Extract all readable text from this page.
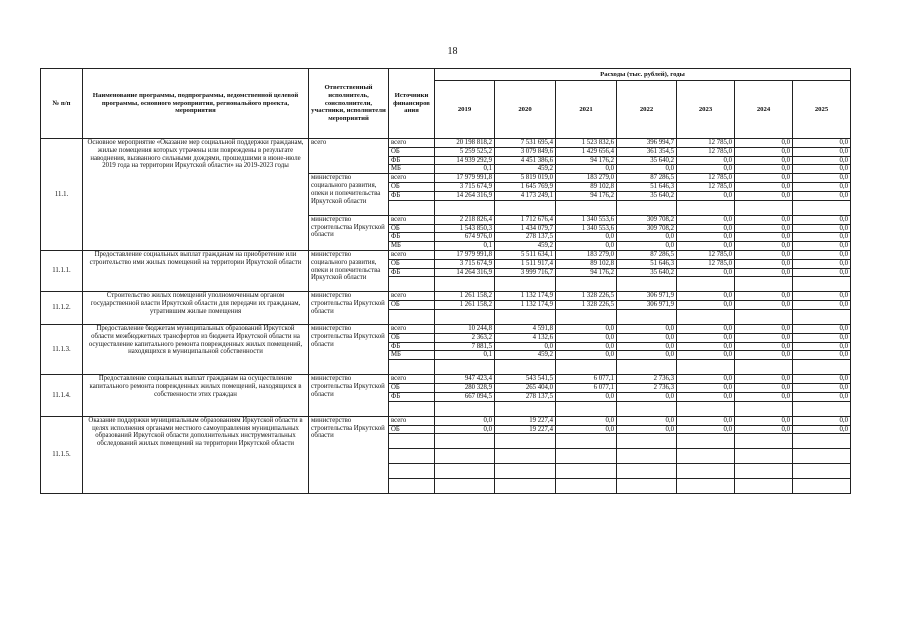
18
№ п/п	Наименование программы, подпрограммы, ведомственной целевой программы, основного мероприятия, региональйого проекта, мероприятия	Ответственный исполнитель, соисполнители, участники, исполнители мероприятий	Источники финансиров ания	Расходы (тыс. рублей), годы						
				2019	2020	2021	2022	2023	2024	2025
11.1.	Основное мероприятие «Оказание мер социальной поддержки гражданам, жилые помещения которых утрачены или повреждены в результате наводнения, вызванного сильными дождями, прошедшими в июне-июле 2019 года на территории Иркутской области» на 2019-2023 годы	всего	всего	20 198 818,2	7 531 695,4	1 523 832,6	396 994,7	12 785,0	0,0	0,0
			ОБ	5 259 525,2	3 079 849,6	1 429 656,4	361 354,5	12 785,0	0,0	0,0
			ФБ	14 939 292,9	4 451 386,6	94 176,2	35 640,2	0,0	0,0	0,0
			МБ	0,1	459,2	0,0	0,0	0,0	0,0	0,0
		министерство социального развития, опеки и попечительства Иркутской области	всего	17 979 991,8	5 819 019,0	183 279,0	87 286,5	12 785,0	0,0	0,0
			ОБ	3 715 674,9	1 645 769,9	89 102,8	51 646,3	12 785,0	0,0	0,0
			ФБ	14 264 316,9	4 173 249,1	94 176,2	35 640,2	0,0	0,0	0,0

		министерство строительства Иркутской области	всего	2 218 826,4	1 712 676,4	1 340 553,6	309 708,2	0,0	0,0	0,0
			ОБ	1 543 850,3	1 434 079,7	1 340 553,6	309 708,2	0,0	0,0	0,0
			ФБ	674 976,0	278 137,5	0,0	0,0	0,0	0,0	0,0
			МБ	0,1	459,2	0,0	0,0	0,0	0,0	0,0
11.1.1.	Предоставление социальных выплат гражданам на приобретение или строительство ими жилых помещений на территории Иркутской области	министерство социального развития, опеки и попечительства Иркутской области	всего	17 979 991,8	5 511 634,1	183 279,0	87 286,5	12 785,0	0,0	0,0
			ОБ	3 715 674,9	1 511 917,4	89 102,8	51 646,3	12 785,0	0,0	0,0
			ФБ	14 264 316,9	3 999 716,7	94 176,2	35 640,2	0,0	0,0	0,0

11.1.2.	Строительство жилых помещений уполномоченным органом государственной власти Иркутской области для передачи их гражданам, утратившим жилые помещения	министерство строительства Иркутской области	всего	1 261 158,2	1 132 174,9	1 328 226,5	306 971,9	0,0	0,0	0,0
			ОБ	1 261 158,2	1 132 174,9	1 328 226,5	306 971,9	0,0	0,0	0,0

11.1.3.	Предоставление бюджетам муниципальных образований Иркутской области межбюджетных трансфертов из бюджета Иркутской области на осуществление капитального ремонта поврежденных жилых помещений, находящихся в муниципальной собственности	министерство строительства Иркутской области	всего	10 244,8	4 591,8	0,0	0,0	0,0	0,0	0,0
			ОБ	2 363,2	4 132,6	0,0	0,0	0,0	0,0	0,0
			ФБ	7 881,5	0,0	0,0	0,0	0,0	0,0	0,0
			МБ	0,1	459,2	0,0	0,0	0,0	0,0	0,0

11.1.4.	Предоставление социальных выплат гражданам на осуществление капитального ремонта поврежденных жилых помещений, находящихся в собственности этих граждан	министерство строительства Иркутской области	всего	947 423,4	543 541,5	6 077,1	2 736,3	0,0	0,0	0,0
			ОБ	280 328,9	265 404,0	6 077,1	2 736,3	0,0	0,0	0,0
			ФБ	667 094,5	278 137,5	0,0	0,0	0,0	0,0	0,0

11.1.5.	Оказание поддержки муниципальным образованиям Иркутской области в целях исполнения органами местного самоуправления муниципальных образований Иркутской области дополнительных инструментальных обследований жилых помещений на территории Иркутской области	министерство строительства Иркутской области	всего	0,0	19 227,4	0,0	0,0	0,0	0,0	0,0
			ОБ	0,0	19 227,4	0,0	0,0	0,0	0,0	0,0
